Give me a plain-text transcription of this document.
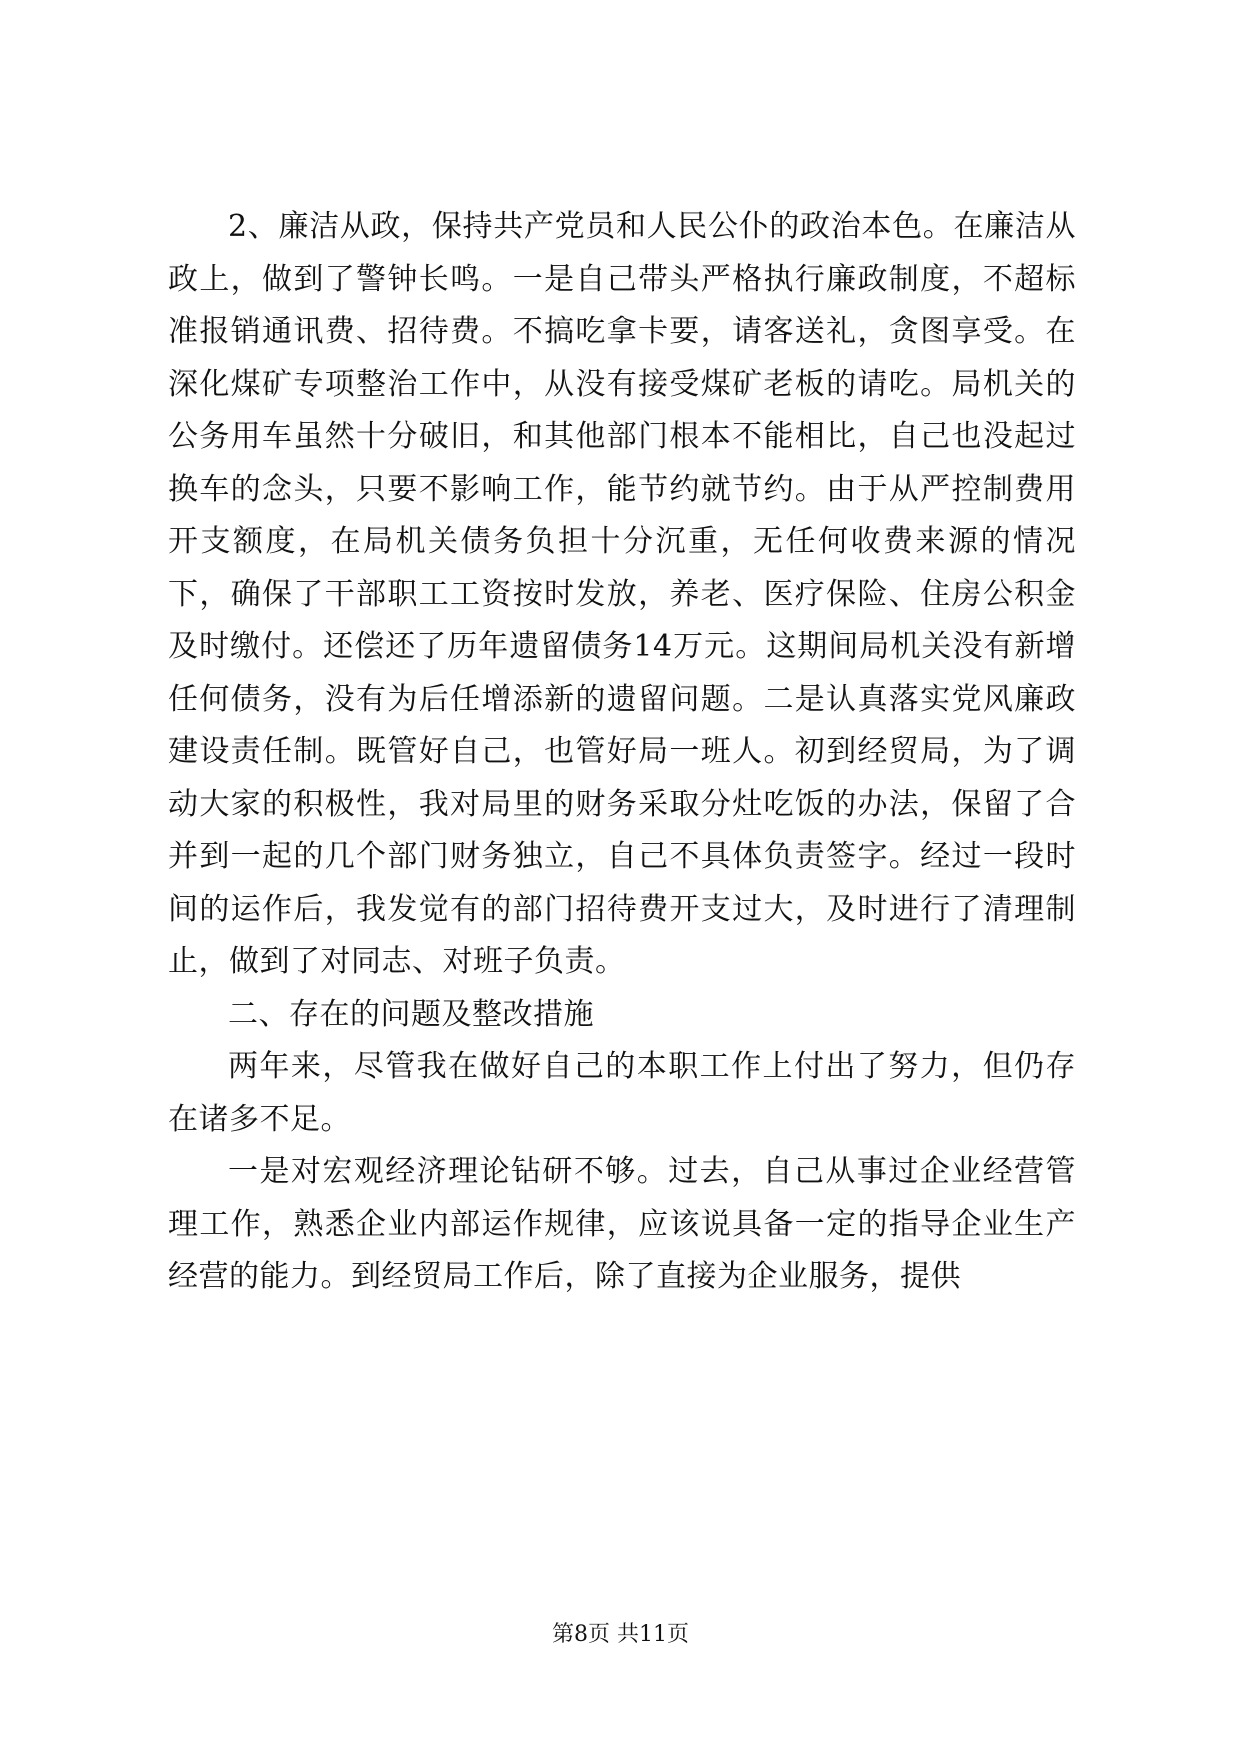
2、廉洁从政，保持共产党员和人民公仆的政治本色。在廉洁从政上，做到了警钟长鸣。一是自己带头严格执行廉政制度，不超标准报销通讯费、招待费。不搞吃拿卡要，请客送礼，贪图享受。在深化煤矿专项整治工作中，从没有接受煤矿老板的请吃。局机关的公务用车虽然十分破旧，和其他部门根本不能相比，自己也没起过换车的念头，只要不影响工作，能节约就节约。由于从严控制费用开支额度，在局机关债务负担十分沉重，无任何收费来源的情况下，确保了干部职工工资按时发放，养老、医疗保险、住房公积金及时缴付。还偿还了历年遗留债务14万元。这期间局机关没有新增任何债务，没有为后任增添新的遗留问题。二是认真落实党风廉政建设责任制。既管好自己，也管好局一班人。初到经贸局，为了调动大家的积极性，我对局里的财务采取分灶吃饭的办法，保留了合并到一起的几个部门财务独立，自己不具体负责签字。经过一段时间的运作后，我发觉有的部门招待费开支过大，及时进行了清理制止，做到了对同志、对班子负责。

二、存在的问题及整改措施

两年来，尽管我在做好自己的本职工作上付出了努力，但仍存在诸多不足。

一是对宏观经济理论钻研不够。过去，自己从事过企业经营管理工作，熟悉企业内部运作规律，应该说具备一定的指导企业生产经营的能力。到经贸局工作后，除了直接为企业服务，提供

第8页 共11页
